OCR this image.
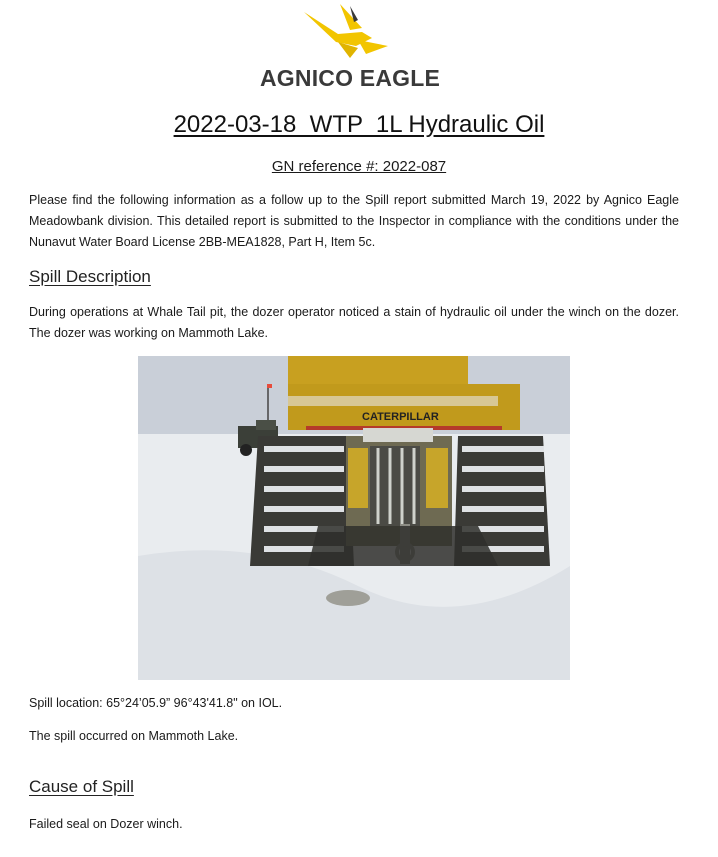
AGNICO EAGLE
2022-03-18  WTP  1L Hydraulic Oil
GN reference #: 2022-087
Please find the following information as a follow up to the Spill report submitted March 19, 2022 by Agnico Eagle Meadowbank division. This detailed report is submitted to the Inspector in compliance with the conditions under the Nunavut Water Board License 2BB-MEA1828, Part H, Item 5c.
Spill Description
During operations at Whale Tail pit, the dozer operator noticed a stain of hydraulic oil under the winch on the dozer. The dozer was working on Mammoth Lake.
CATERPILLAR
Spill location: 65°24’05.9” 96°43'41.8" on IOL.
The spill occurred on Mammoth Lake.
Cause of Spill
Failed seal on Dozer winch.
